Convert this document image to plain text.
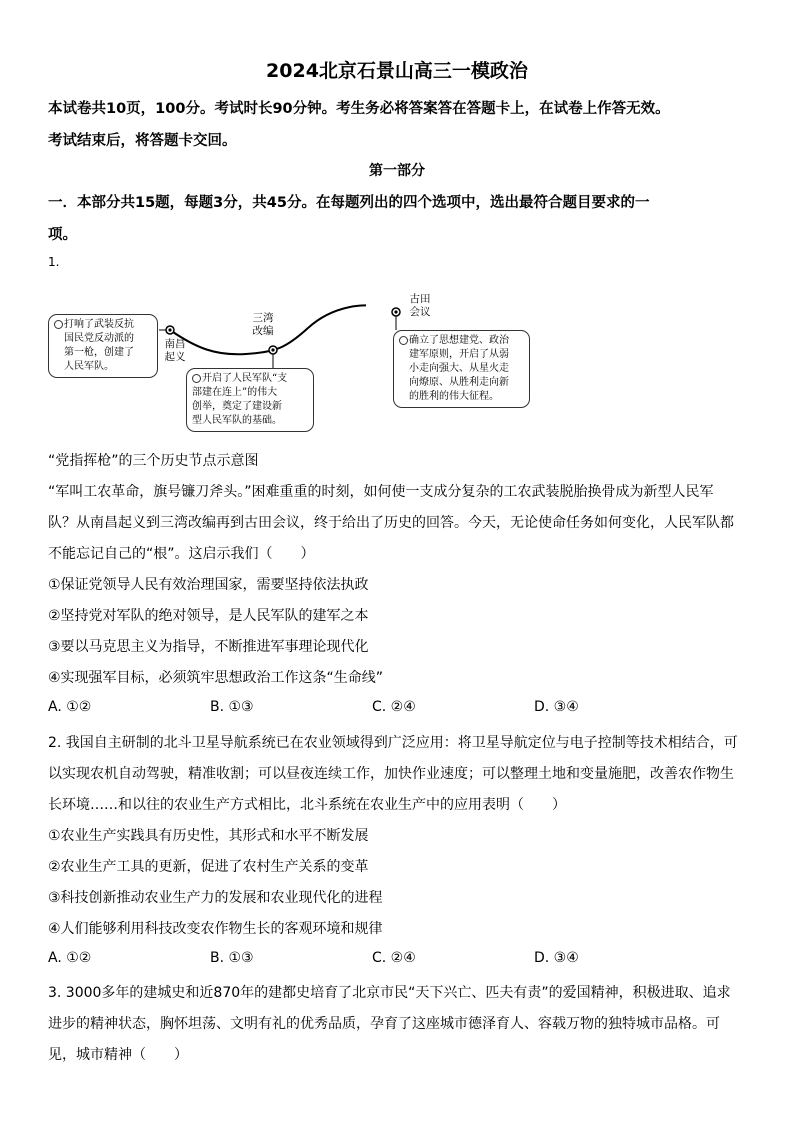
2024北京石景山高三一模政治
本试卷共10页，100分。考试时长90分钟。考生务必将答案答在答题卡上，在试卷上作答无效。
考试结束后，将答题卡交回。
第一部分
一．本部分共15题，每题3分，共45分。在每题列出的四个选项中，选出最符合题目要求的一
项。
1.
打响了武装反抗
国民党反动派的
第一枪，创建了
人民军队。
南昌
起义
三湾
改编
开启了人民军队“支
部建在连上”的伟大
创举，奠定了建设新
型人民军队的基础。
古田
会议
确立了思想建党、政治
建军原则，开启了从弱
小走向强大、从星火走
向燎原、从胜利走向新
的胜利的伟大征程。
“党指挥枪”的三个历史节点示意图
“军叫工农革命，旗号镰刀斧头。”困难重重的时刻，如何使一支成分复杂的工农武装脱胎换骨成为新型人民军
队？从南昌起义到三湾改编再到古田会议，终于给出了历史的回答。今天，无论使命任务如何变化，人民军队都
不能忘记自己的“根”。这启示我们（　　）
①保证党领导人民有效治理国家，需要坚持依法执政
②坚持党对军队的绝对领导，是人民军队的建军之本
③要以马克思主义为指导，不断推进军事理论现代化
④实现强军目标，必须筑牢思想政治工作这条“生命线”
A. ①②	B. ①③	C. ②④	D. ③④
2. 我国自主研制的北斗卫星导航系统已在农业领域得到广泛应用：将卫星导航定位与电子控制等技术相结合，可
以实现农机自动驾驶，精准收割；可以昼夜连续工作，加快作业速度；可以整理土地和变量施肥，改善农作物生
长环境……和以往的农业生产方式相比，北斗系统在农业生产中的应用表明（　　）
①农业生产实践具有历史性，其形式和水平不断发展
②农业生产工具的更新，促进了农村生产关系的变革
③科技创新推动农业生产力的发展和农业现代化的进程
④人们能够利用科技改变农作物生长的客观环境和规律
A. ①②	B. ①③	C. ②④	D. ③④
3. 3000多年的建城史和近870年的建都史培育了北京市民“天下兴亡、匹夫有责”的爱国精神，积极进取、追求
进步的精神状态，胸怀坦荡、文明有礼的优秀品质，孕育了这座城市德泽育人、容载万物的独特城市品格。可
见，城市精神（　　）
